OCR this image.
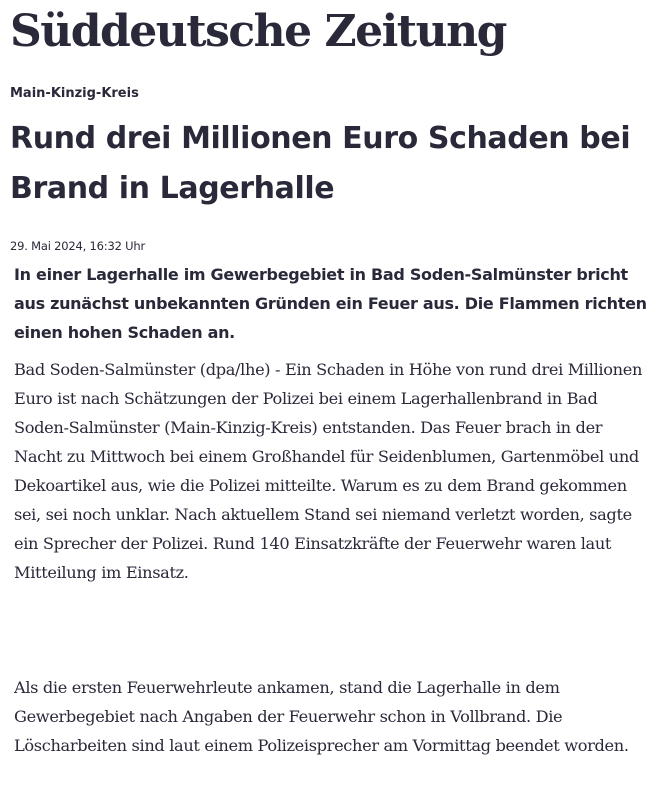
Süddeutsche Zeitung
Main-Kinzig-Kreis
Rund drei Millionen Euro Schaden bei Brand in Lagerhalle
29. Mai 2024, 16:32 Uhr

In einer Lagerhalle im Gewerbegebiet in Bad Soden-Salmünster bricht aus zunächst unbekannten Gründen ein Feuer aus. Die Flammen richten einen hohen Schaden an.

Bad Soden-Salmünster (dpa/lhe) - Ein Schaden in Höhe von rund drei Millionen Euro ist nach Schätzungen der Polizei bei einem Lagerhallenbrand in Bad Soden-Salmünster (Main-Kinzig-Kreis) entstanden. Das Feuer brach in der Nacht zu Mittwoch bei einem Großhandel für Seidenblumen, Gartenmöbel und Dekoartikel aus, wie die Polizei mitteilte. Warum es zu dem Brand gekommen sei, sei noch unklar. Nach aktuellem Stand sei niemand verletzt worden, sagte ein Sprecher der Polizei. Rund 140 Einsatzkräfte der Feuerwehr waren laut Mitteilung im Einsatz.

Als die ersten Feuerwehrleute ankamen, stand die Lagerhalle in dem Gewerbegebiet nach Angaben der Feuerwehr schon in Vollbrand. Die Löscharbeiten sind laut einem Polizeisprecher am Vormittag beendet worden.
